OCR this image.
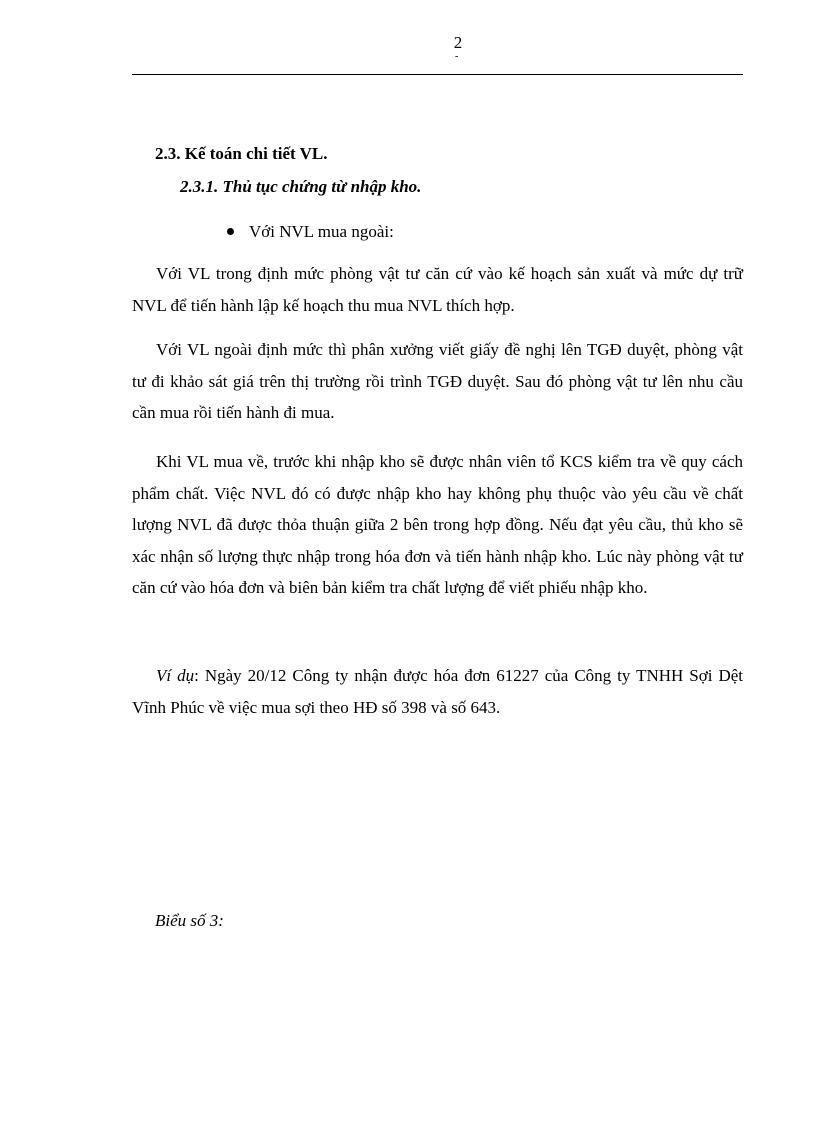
2
-
2.3. Kế toán chi tiết VL.
2.3.1. Thủ tục chứng từ nhập kho.
Với NVL mua ngoài:

Với VL trong định mức phòng vật tư căn cứ vào kế hoạch sản xuất và mức dự trữ NVL để tiến hành lập kế hoạch thu mua NVL thích hợp.

Với VL ngoài định mức thì phân xưởng viết giấy đề nghị lên TGĐ duyệt, phòng vật tư đi khảo sát giá trên thị trường rồi trình TGĐ duyệt. Sau đó phòng vật tư lên nhu cầu cần mua rồi tiến hành đi mua.

Khi VL mua về, trước khi nhập kho sẽ được nhân viên tổ KCS kiểm tra về quy cách phẩm chất. Việc NVL đó có được nhập kho hay không phụ thuộc vào yêu cầu về chất lượng NVL đã được thỏa thuận giữa 2 bên trong hợp đồng. Nếu đạt yêu cầu, thủ kho sẽ xác nhận số lượng thực nhập trong hóa đơn và tiến hành nhập kho. Lúc này phòng vật tư căn cứ vào hóa đơn và biên bản kiểm tra chất lượng để viết phiếu nhập kho.

Ví dụ: Ngày 20/12 Công ty nhận được hóa đơn 61227 của Công ty TNHH Sợi Dệt Vĩnh Phúc về việc mua sợi theo HĐ số 398 và số 643.

Biểu số 3:
